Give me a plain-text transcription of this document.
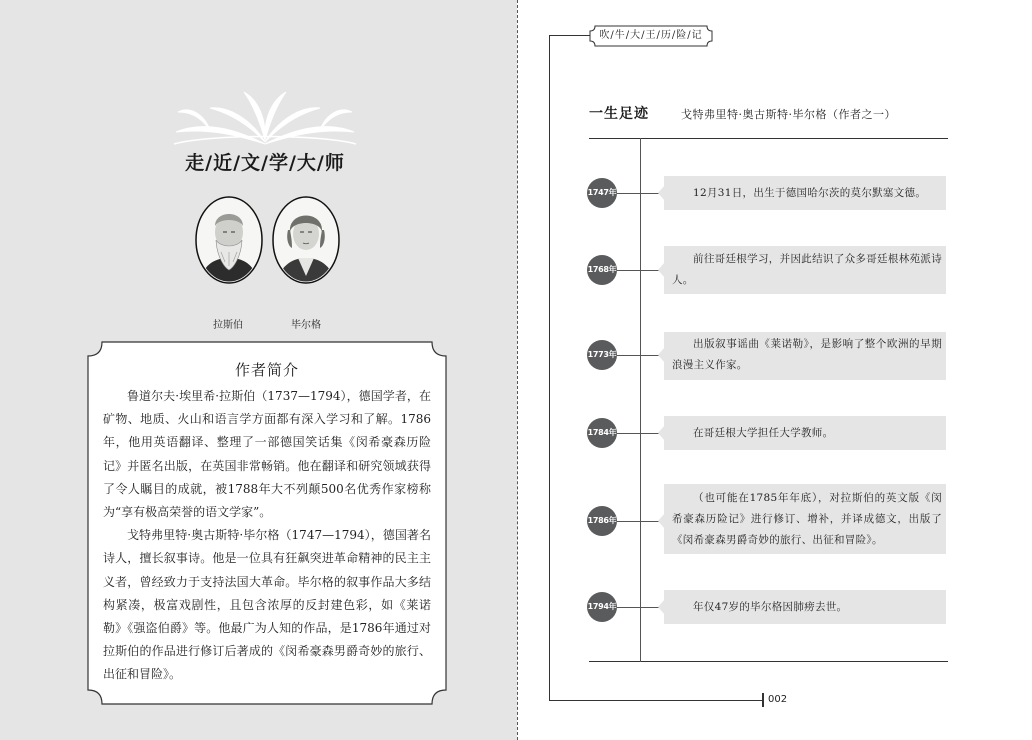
走/近/文/学/大/师
拉斯伯	毕尔格
作者简介

鲁道尔夫·埃里希·拉斯伯（1737—1794），德国学者，在矿物、地质、火山和语言学方面都有深入学习和了解。1786年，他用英语翻译、整理了一部德国笑话集《闵希豪森历险记》并匿名出版，在英国非常畅销。他在翻译和研究领域获得了令人瞩目的成就，被1788年大不列颠500名优秀作家榜称为“享有极高荣誉的语文学家”。

戈特弗里特·奥古斯特·毕尔格（1747—1794），德国著名诗人，擅长叙事诗。他是一位具有狂飙突进革命精神的民主主义者，曾经致力于支持法国大革命。毕尔格的叙事作品大多结构紧凑，极富戏剧性，且包含浓厚的反封建色彩，如《莱诺勒》《强盗伯爵》等。他最广为人知的作品，是1786年通过对拉斯伯的作品进行修订后著成的《闵希豪森男爵奇妙的旅行、出征和冒险》。

吹/牛/大/王/历/险/记
一生足迹	戈特弗里特·奥古斯特·毕尔格（作者之一）

12月31日，出生于德国哈尔茨的莫尔默塞文德。

1747年

前往哥廷根学习，并因此结识了众多哥廷根林苑派诗人。

1768年

出版叙事谣曲《莱诺勒》，是影响了整个欧洲的早期浪漫主义作家。

1773年

在哥廷根大学担任大学教师。

1784年

（也可能在1785年年底），对拉斯伯的英文版《闵希豪森历险记》进行修订、增补，并译成德文，出版了《闵希豪森男爵奇妙的旅行、出征和冒险》。

1786年

年仅47岁的毕尔格因肺痨去世。

1794年
002
